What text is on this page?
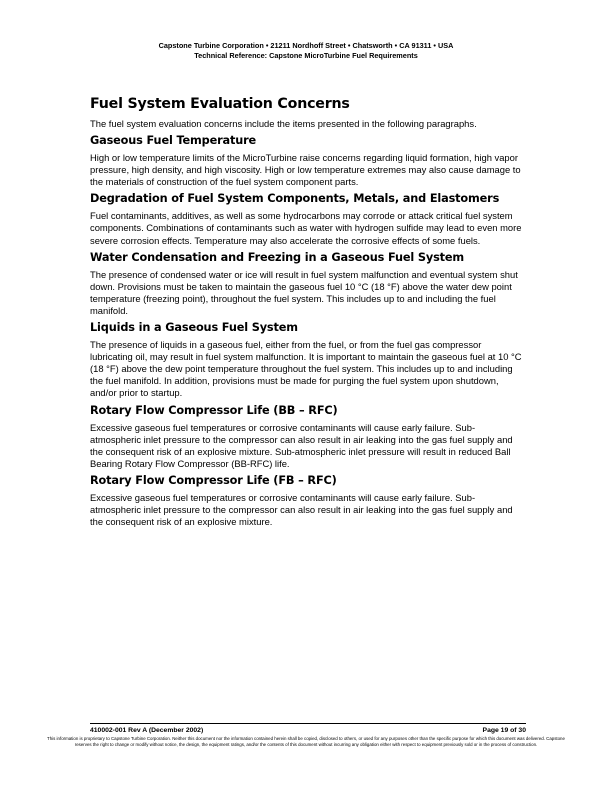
Capstone Turbine Corporation • 21211 Nordhoff Street • Chatsworth • CA 91311 • USA
Technical Reference: Capstone MicroTurbine Fuel Requirements
Fuel System Evaluation Concerns

The fuel system evaluation concerns include the items presented in the following paragraphs.

Gaseous Fuel Temperature

High or low temperature limits of the MicroTurbine raise concerns regarding liquid formation, high vapor pressure, high density, and high viscosity. High or low temperature extremes may also cause damage to the materials of construction of the fuel system component parts.

Degradation of Fuel System Components, Metals, and Elastomers

Fuel contaminants, additives, as well as some hydrocarbons may corrode or attack critical fuel system components. Combinations of contaminants such as water with hydrogen sulfide may lead to even more severe corrosion effects. Temperature may also accelerate the corrosive effects of some fuels.

Water Condensation and Freezing in a Gaseous Fuel System

The presence of condensed water or ice will result in fuel system malfunction and eventual system shut down. Provisions must be taken to maintain the gaseous fuel 10 °C (18 °F) above the water dew point temperature (freezing point), throughout the fuel system. This includes up to and including the fuel manifold.

Liquids in a Gaseous Fuel System

The presence of liquids in a gaseous fuel, either from the fuel, or from the fuel gas compressor lubricating oil, may result in fuel system malfunction. It is important to maintain the gaseous fuel at 10 °C (18 °F) above the dew point temperature throughout the fuel system. This includes up to and including the fuel manifold. In addition, provisions must be made for purging the fuel system upon shutdown, and/or prior to startup.

Rotary Flow Compressor Life (BB – RFC)

Excessive gaseous fuel temperatures or corrosive contaminants will cause early failure. Sub-atmospheric inlet pressure to the compressor can also result in air leaking into the gas fuel supply and the consequent risk of an explosive mixture. Sub-atmospheric inlet pressure will result in reduced Ball Bearing Rotary Flow Compressor (BB-RFC) life.

Rotary Flow Compressor Life (FB – RFC)

Excessive gaseous fuel temperatures or corrosive contaminants will cause early failure. Sub-atmospheric inlet pressure to the compressor can also result in air leaking into the gas fuel supply and the consequent risk of an explosive mixture.

410002-001 Rev A (December 2002)	Page 19 of 30
This information is proprietary to Capstone Turbine Corporation. Neither this document nor the information contained herein shall be copied, disclosed to others, or used for any purposes other than the specific purpose for which this document was delivered. Capstone reserves the right to change or modify without notice, the design, the equipment ratings, and/or the contents of this document without incurring any obligation either with respect to equipment previously sold or in the process of construction.
